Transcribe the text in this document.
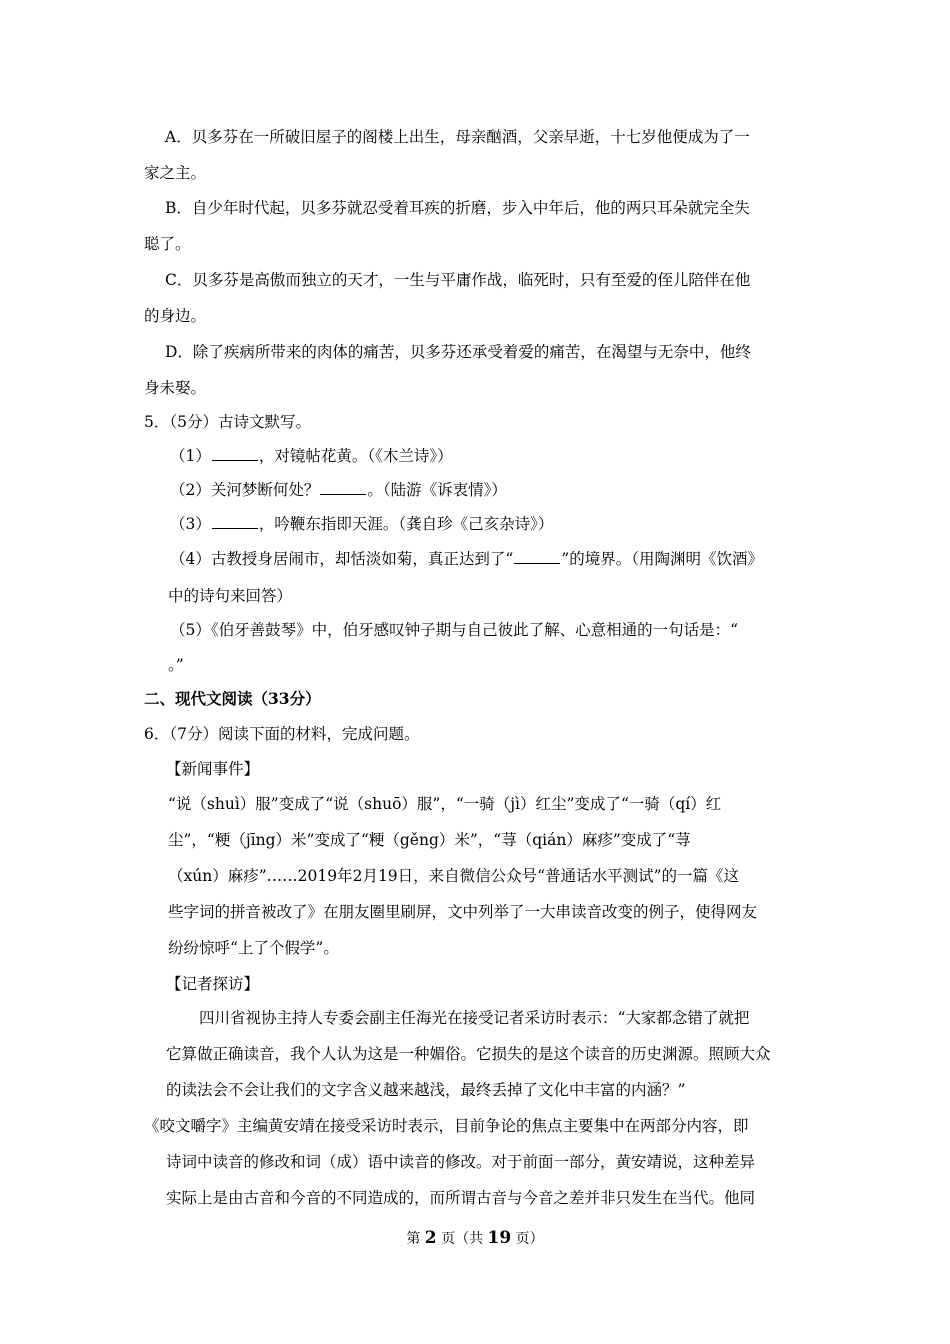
A．贝多芬在一所破旧屋子的阁楼上出生，母亲酗酒，父亲早逝，十七岁他便成为了一
家之主。
B．自少年时代起，贝多芬就忍受着耳疾的折磨，步入中年后，他的两只耳朵就完全失
聪了。
C．贝多芬是高傲而独立的天才，一生与平庸作战，临死时，只有至爱的侄儿陪伴在他
的身边。
D．除了疾病所带来的肉体的痛苦，贝多芬还承受着爱的痛苦，在渴望与无奈中，他终
身未娶。
5．（5分）古诗文默写。
（1）	，对镜帖花黄。（《木兰诗》）
（2）关河梦断何处？	。（陆游《诉衷情》）
（3）	，吟鞭东指即天涯。（龚自珍《己亥杂诗》）
（4）古教授身居闹市，却恬淡如菊，真正达到了“	”的境界。（用陶渊明《饮酒》
中的诗句来回答）
（5）《伯牙善鼓琴》中，伯牙感叹钟子期与自己彼此了解、心意相通的一句话是：“
。”
二、现代文阅读（33分）
6．（7分）阅读下面的材料，完成问题。
【新闻事件】
“说（shuì）服”变成了“说（shuō）服”，“一骑（jì）红尘”变成了“一骑（qí）红
尘”，“粳（jīng）米”变成了“粳（gěng）米”，“荨（qián）麻疹”变成了“荨
（xún）麻疹”……2019年2月19日，来自微信公众号“普通话水平测试”的一篇《这
些字词的拼音被改了》在朋友圈里刷屏，文中列举了一大串读音改变的例子，使得网友
纷纷惊呼“上了个假学”。
【记者探访】
四川省视协主持人专委会副主任海光在接受记者采访时表示：“大家都念错了就把
它算做正确读音，我个人认为这是一种媚俗。它损失的是这个读音的历史渊源。照顾大众
的读法会不会让我们的文字含义越来越浅，最终丢掉了文化中丰富的内涵？”
《咬文嚼字》主编黄安靖在接受采访时表示，目前争论的焦点主要集中在两部分内容，即
诗词中读音的修改和词（成）语中读音的修改。对于前面一部分，黄安靖说，这种差异
实际上是由古音和今音的不同造成的，而所谓古音与今音之差并非只发生在当代。他同
第 2 页（共 19 页）
